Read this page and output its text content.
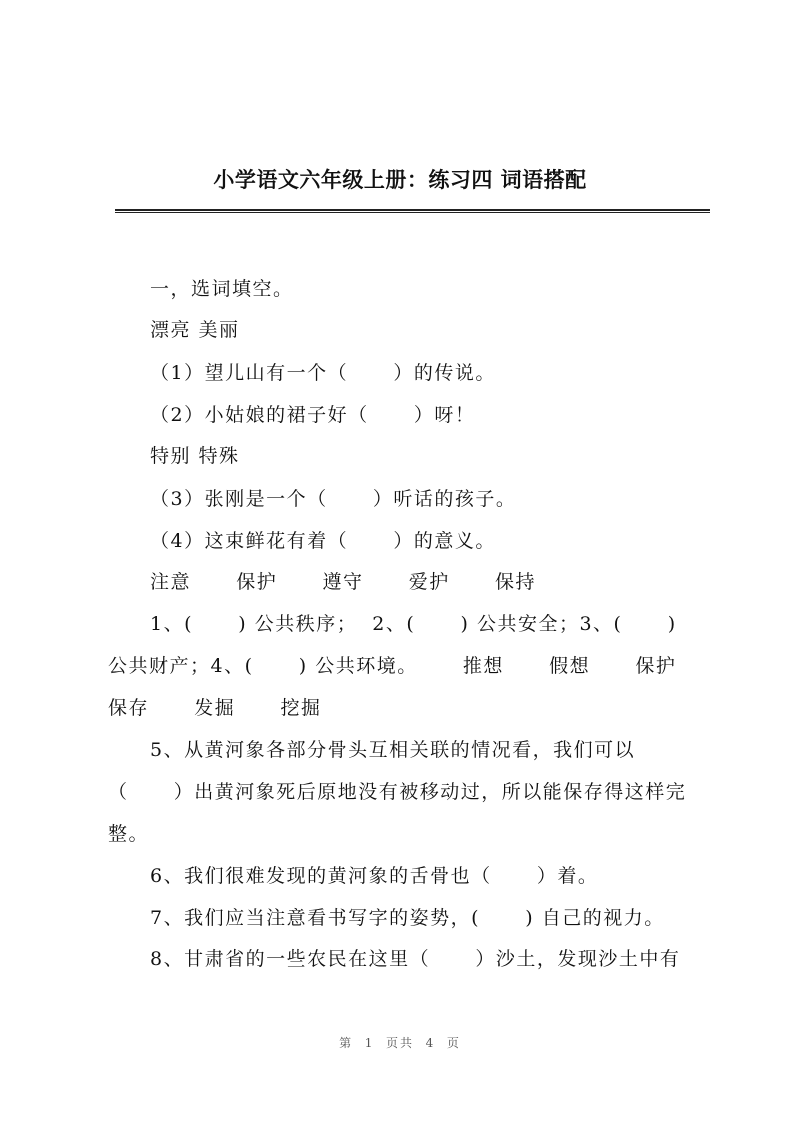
小学语文六年级上册：练习四 词语搭配
一，选词填空。
漂亮 美丽
（1）望儿山有一个（      ）的传说。
（2）小姑娘的裙子好（      ）呀！
特别 特殊
（3）张刚是一个（      ）听话的孩子。
（4）这束鲜花有着（      ）的意义。
注意      保护      遵守      爱护      保持
1、(      ) 公共秩序；  2、(      ) 公共安全；3、(      )
公共财产；4、(      ) 公共环境。      推想      假想      保护
保存      发掘      挖掘
5、从黄河象各部分骨头互相关联的情况看，我们可以
（      ）出黄河象死后原地没有被移动过，所以能保存得这样完
整。
6、我们很难发现的黄河象的舌骨也（      ）着。
7、我们应当注意看书写字的姿势，(      ) 自己的视力。
8、甘肃省的一些农民在这里（      ）沙土，发现沙土中有
第  1  页共  4  页
